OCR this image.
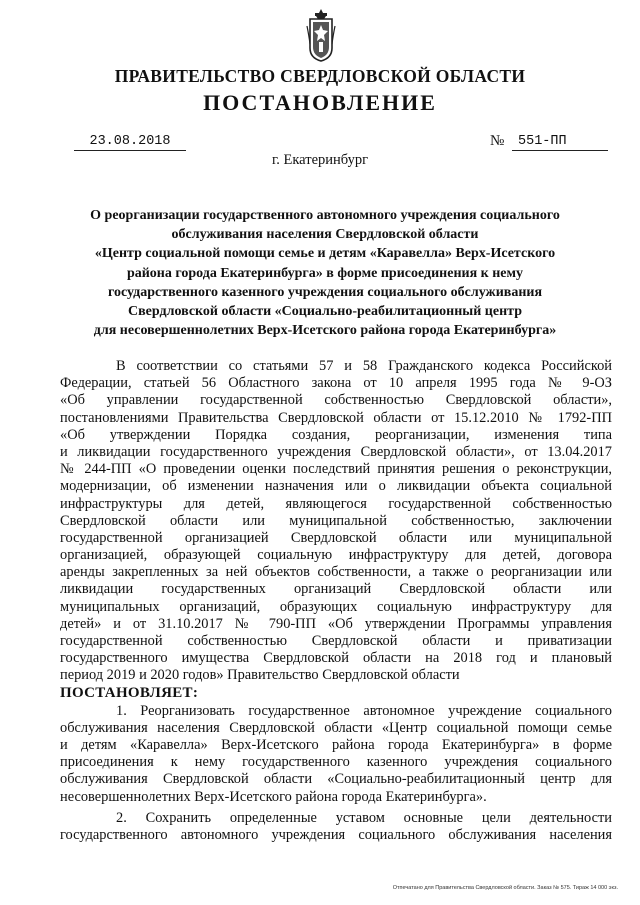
ПРАВИТЕЛЬСТВО СВЕРДЛОВСКОЙ ОБЛАСТИ
ПОСТАНОВЛЕНИЕ
23.08.2018	№	551-ПП
г. Екатеринбург
О реорганизации государственного автономного учреждения социального
обслуживания населения Свердловской области
«Центр социальной помощи семье и детям «Каравелла» Верх-Исетского
района города Екатеринбурга» в форме присоединения к нему
государственного казенного учреждения социального обслуживания
Свердловской области «Социально-реабилитационный центр
для несовершеннолетних Верх-Исетского района города Екатеринбурга»
В соответствии со статьями 57 и 58 Гражданского кодекса Российской
Федерации, статьей 56 Областного закона от 10 апреля 1995 года № 9-ОЗ
«Об управлении государственной собственностью Свердловской области»,
постановлениями Правительства Свердловской области от 15.12.2010 № 1792-ПП
«Об утверждении Порядка создания, реорганизации, изменения типа
и ликвидации государственного учреждения Свердловской области», от 13.04.2017
№ 244-ПП «О проведении оценки последствий принятия решения о реконструкции,
модернизации, об изменении назначения или о ликвидации объекта социальной
инфраструктуры для детей, являющегося государственной собственностью
Свердловской области или муниципальной собственностью, заключении
государственной организацией Свердловской области или муниципальной
организацией, образующей социальную инфраструктуру для детей, договора
аренды закрепленных за ней объектов собственности, а также о реорганизации или
ликвидации государственных организаций Свердловской области или
муниципальных организаций, образующих социальную инфраструктуру для
детей» и от 31.10.2017 № 790-ПП «Об утверждении Программы управления
государственной собственностью Свердловской области и приватизации
государственного имущества Свердловской области на 2018 год и плановый
период 2019 и 2020 годов» Правительство Свердловской области
ПОСТАНОВЛЯЕТ:
1. Реорганизовать государственное автономное учреждение социального
обслуживания населения Свердловской области «Центр социальной помощи семье
и детям «Каравелла» Верх-Исетского района города Екатеринбурга» в форме
присоединения к нему государственного казенного учреждения социального
обслуживания Свердловской области «Социально-реабилитационный центр для
несовершеннолетних Верх-Исетского района города Екатеринбурга».
2. Сохранить определенные уставом основные цели деятельности
государственного автономного учреждения социального обслуживания населения
Отпечатано для Правительства Свердловской области. Заказ № 575. Тираж 14 000 экз.
